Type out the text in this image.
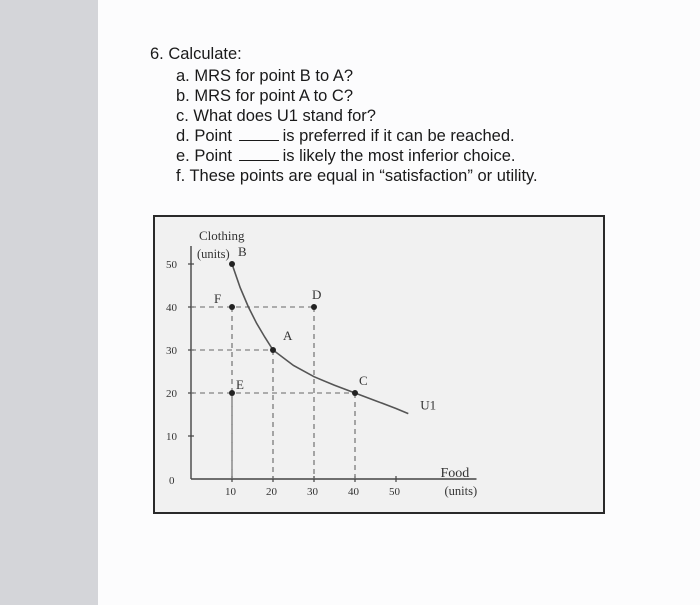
6. Calculate:
a. MRS for point B to A?
b. MRS for point A to C?
c. What does U1 stand for?
d. Point	is preferred if it can be reached.
e. Point	is likely the most inferior choice.
f. These points are equal in “satisfaction” or utility.
10
20
30
40
50
0
10	20	30	40	50
Clothing
(units)
Food
(units)
U1
B
F	D
A
E	C
